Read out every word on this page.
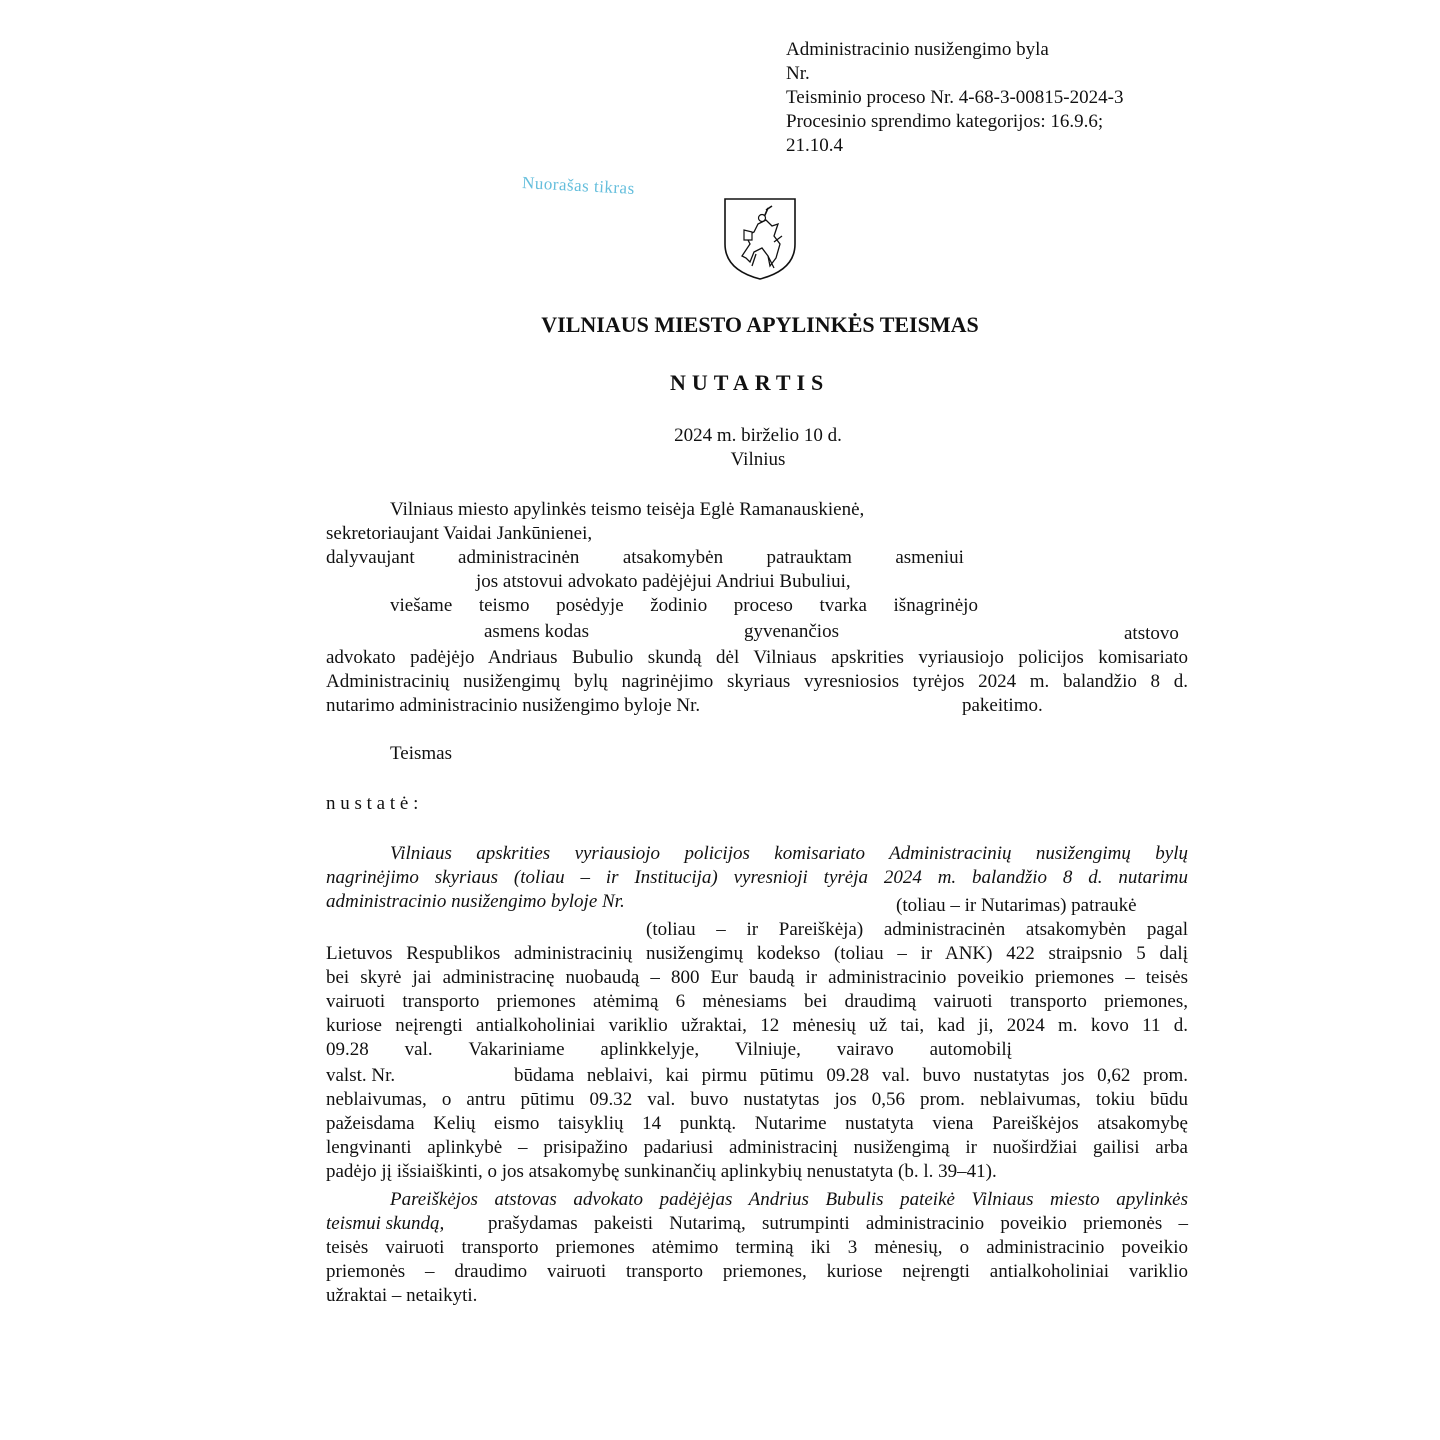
Administracinio nusižengimo byla
Nr.
Teisminio proceso Nr. 4-68-3-00815-2024-3
Procesinio sprendimo kategorijos: 16.9.6;
21.10.4
Nuorašas tikras
VILNIAUS MIESTO APYLINKĖS TEISMAS
NUTARTIS
2024 m. birželio 10 d.
Vilnius
Vilniaus miesto apylinkės teismo teisėja Eglė Ramanauskienė,
sekretoriaujant Vaidai Jankūnienei,
dalyvaujant administracinėn atsakomybėn patrauktam asmeniui
jos atstovui advokato padėjėjui Andriui Bubuliui,
viešame teismo posėdyje žodinio proceso tvarka išnagrinėjo
asmens kodas	gyvenančios	atstovo
advokato padėjėjo Andriaus Bubulio skundą dėl Vilniaus apskrities vyriausiojo policijos komisariato
Administracinių nusižengimų bylų nagrinėjimo skyriaus vyresniosios tyrėjos 2024 m. balandžio 8 d.
nutarimo administracinio nusižengimo byloje Nr.	pakeitimo.
Teismas
n u s t a t ė :
Vilniaus apskrities vyriausiojo policijos komisariato Administracinių nusižengimų bylų
nagrinėjimo skyriaus (toliau – ir Institucija) vyresnioji tyrėja 2024 m. balandžio 8 d. nutarimu
administracinio nusižengimo byloje Nr.	(toliau – ir Nutarimas) patraukė
(toliau – ir Pareiškėja) administracinėn atsakomybėn pagal
Lietuvos Respublikos administracinių nusižengimų kodekso (toliau – ir ANK) 422 straipsnio 5 dalį
bei skyrė jai administracinę nuobaudą – 800 Eur baudą ir administracinio poveikio priemones – teisės
vairuoti transporto priemones atėmimą 6 mėnesiams bei draudimą vairuoti transporto priemones,
kuriose neįrengti antialkoholiniai variklio užraktai, 12 mėnesių už tai, kad ji, 2024 m. kovo 11 d.
09.28 val. Vakariniame aplinkkelyje, Vilniuje, vairavo automobilį
valst. Nr.	būdama neblaivi, kai pirmu pūtimu 09.28 val. buvo nustatytas jos 0,62 prom.
neblaivumas, o antru pūtimu 09.32 val. buvo nustatytas jos 0,56 prom. neblaivumas, tokiu būdu
pažeisdama Kelių eismo taisyklių 14 punktą. Nutarime nustatyta viena Pareiškėjos atsakomybę
lengvinanti aplinkybė – prisipažino padariusi administracinį nusižengimą ir nuoširdžiai gailisi arba
padėjo jį išsiaiškinti, o jos atsakomybę sunkinančių aplinkybių nenustatyta (b. l. 39–41).
Pareiškėjos atstovas advokato padėjėjas Andrius Bubulis pateikė Vilniaus miesto apylinkės
teismui skundą, prašydamas pakeisti Nutarimą, sutrumpinti administracinio poveikio priemonės –
teisės vairuoti transporto priemones atėmimo terminą iki 3 mėnesių, o administracinio poveikio
priemonės – draudimo vairuoti transporto priemones, kuriose neįrengti antialkoholiniai variklio
užraktai – netaikyti.
